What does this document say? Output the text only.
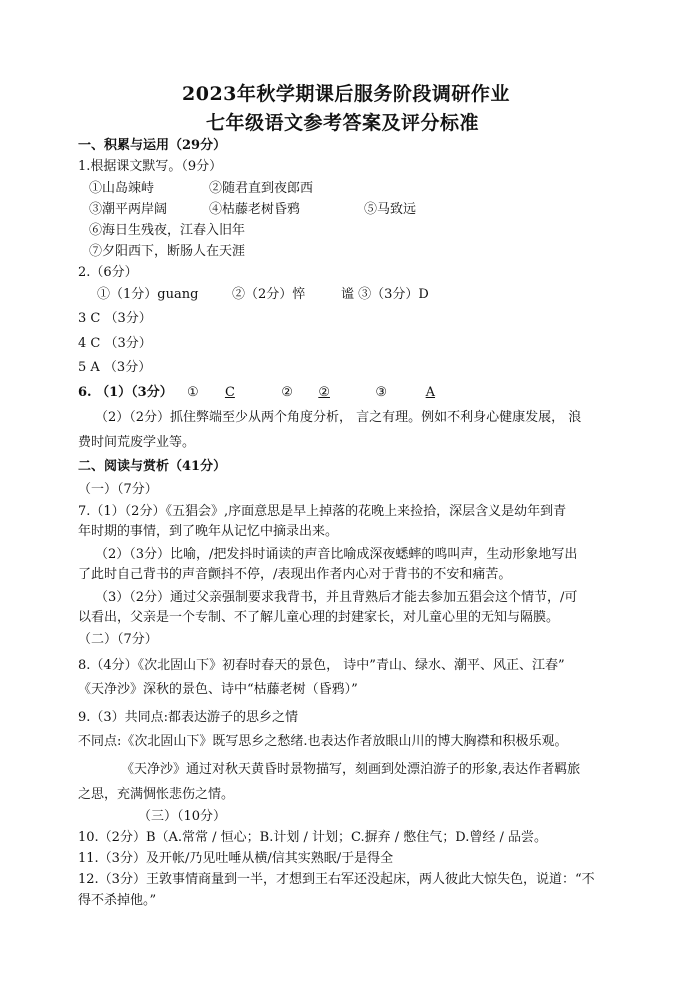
2023年秋学期课后服务阶段调研作业
七年级语文参考答案及评分标准
一、积累与运用（29分）
1.根据课文默写。（9分）
①山岛竦峙	②随君直到夜郎西
③潮平两岸阔	④枯藤老树昏鸦	⑤马致远
⑥海日生残夜，江春入旧年
⑦夕阳西下，断肠人在天涯
2.（6分）
①（1分）guang	②（2分）悴	谧 ③（3分）D
3 C （3分）
4 C （3分）
5 A （3分）
6. （1）（3分） ① C	② ②	③	A
（2）（2分）抓住弊端至少从两个角度分析， 言之有理。例如不利身心健康发展， 浪
费时间荒废学业等。
二、阅读与赏析（41分）
（一）（7分）
7.（1）（2分）《五猖会》,序面意思是早上掉落的花晚上来捡拾，深层含义是幼年到青
年时期的事情，到了晚年从记忆中摘录出来。
（2）（3分）比喻，/把发抖时诵读的声音比喻成深夜蟋蟀的鸣叫声，生动形象地写出
了此时自己背书的声音颤抖不停，/表现出作者内心对于背书的不安和痛苦。
（3）（2分）通过父亲强制要求我背书，并且背熟后才能去参加五猖会这个情节，/可
以看出，父亲是一个专制、不了解儿童心理的封建家长，对儿童心里的无知与隔膜。
（二）（7分）
8.（4分）《次北固山下》初春时春天的景色， 诗中”青山、绿水、潮平、风正、江春”
《天净沙》深秋的景色、诗中“枯藤老树（昏鸦）”
9.（3）共同点:都表达游子的思乡之情
不同点:《次北固山下》既写思乡之愁绪.也表达作者放眼山川的博大胸襟和积极乐观。
《天净沙》通过对秋天黄昏时景物描写，刻画到处漂泊游子的形象,表达作者羁旅
之思，充满惆怅悲伤之情。
（三）（10分）
10.（2分）B（A.常常 / 恒心；B.计划 / 计划；C.摒弃 / 憋住气；D.曾经 / 品尝。
11.（3分）及开帐/乃见吐唾从横/信其实熟眠/于是得全
12.（3分）王敦事情商量到一半，才想到王右军还没起床，两人彼此大惊失色，说道：“不
得不杀掉他。”
